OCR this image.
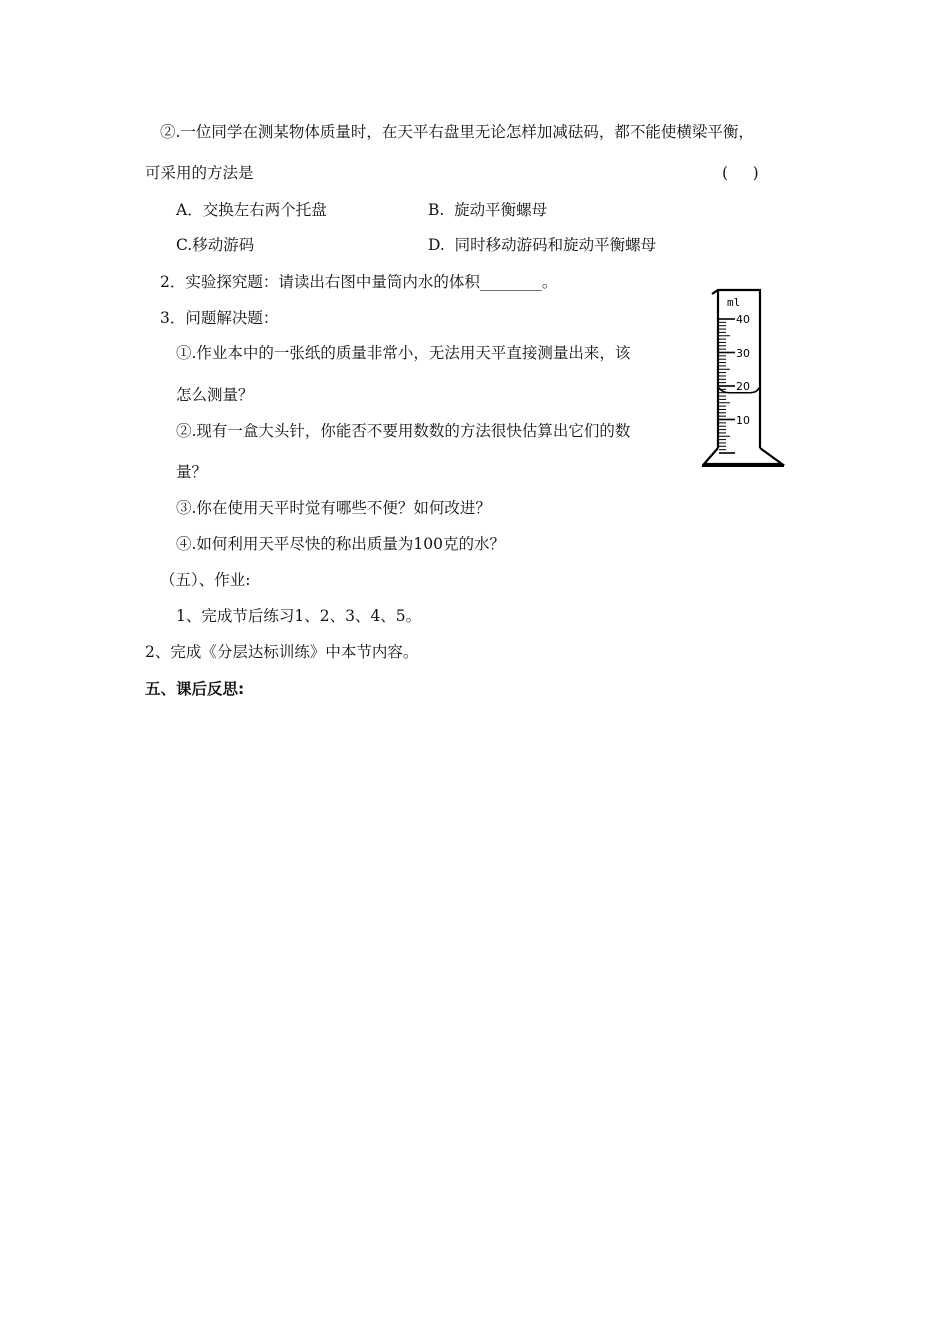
②.一位同学在测某物体质量时，在天平右盘里无论怎样加减砝码，都不能使横梁平衡，
可采用的方法是	(     )
A．交换左右两个托盘	B.  旋动平衡螺母
C.移动游码	D.  同时移动游码和旋动平衡螺母
2．实验探究题：请读出右图中量筒内水的体积________。
3．问题解决题：
①.作业本中的一张纸的质量非常小，无法用天平直接测量出来，该
怎么测量？
②.现有一盒大头针，你能否不要用数数的方法很快估算出它们的数
量？
③.你在使用天平时觉有哪些不便？如何改进？
④.如何利用天平尽快的称出质量为100克的水？
（五）、作业:
1、完成节后练习1、2、3、4、5。
2、完成《分层达标训练》中本节内容。
五、课后反思:
ml
40
30
20
10
